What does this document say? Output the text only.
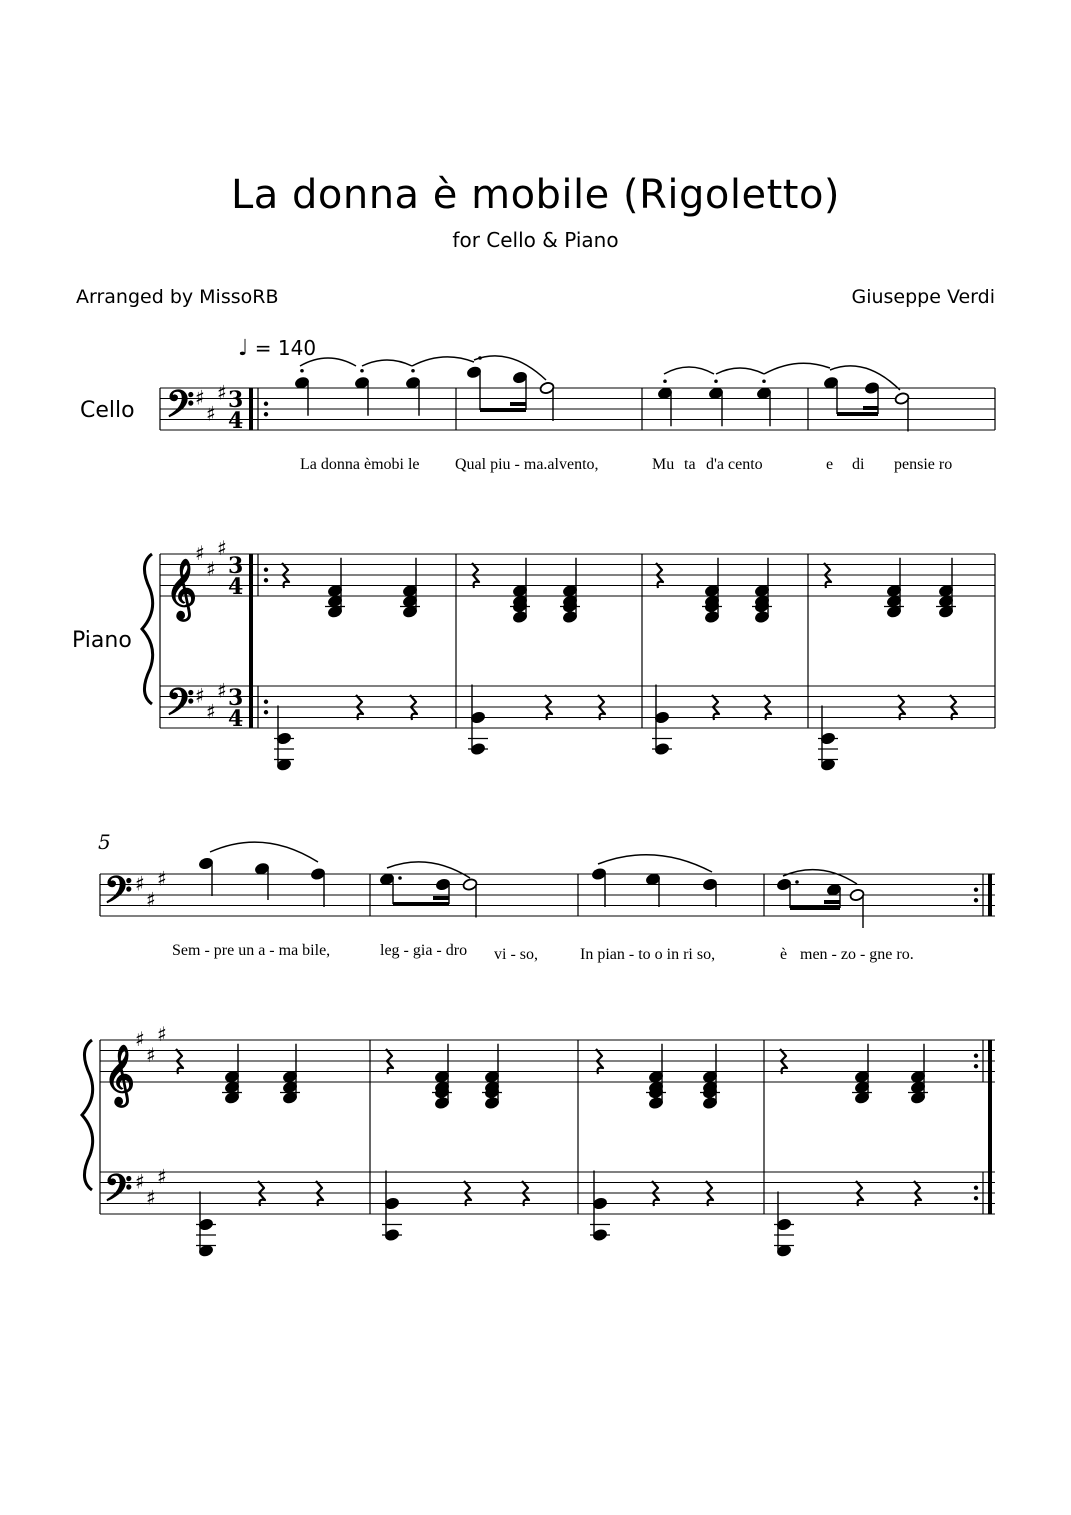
La donna è mobile (Rigoletto)
for Cello & Piano
Arranged by MissoRB	Giuseppe Verdi
♩ = 140
Cello
Piano
5
La donna èmobi le Qual piu - ma.alvento,	Mu ta d'a cento	e di pensie ro
Sem - pre un a - ma bile,	leg - gia - dro vi - so,	In pian - to o in ri so,	è men - zo - gne ro.
𝄢 ♯
♯
♯ 3
4
𝄞
♯
♯
♯
3
4
𝄢 ♯
♯
♯ 3
4
𝄢 ♯
♯
♯
𝄞
♯
♯
♯
𝄢 ♯
♯
♯
